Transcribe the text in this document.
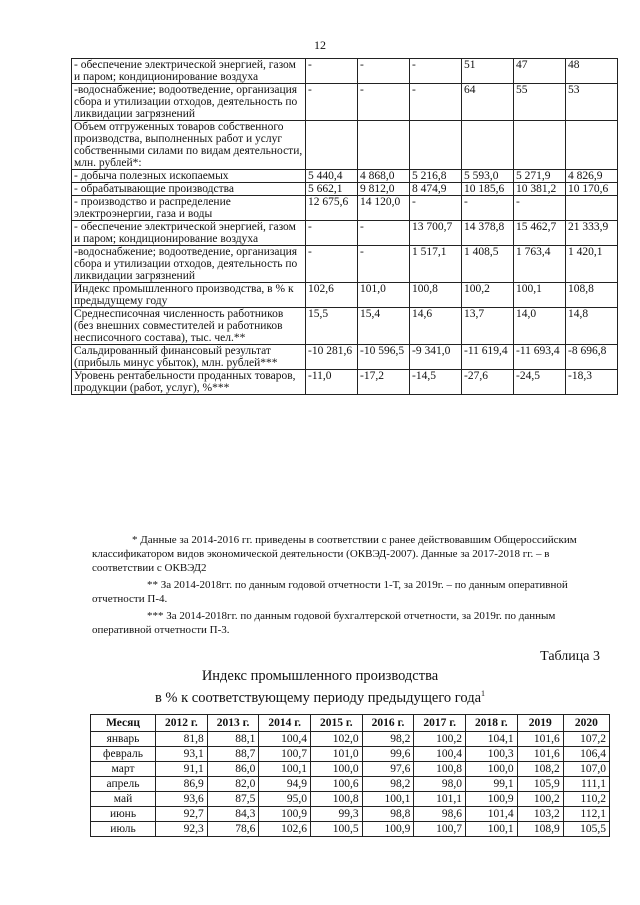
12
- обеспечение электрической энергией, газом и паром; кондиционирование воздуха	-	-	-	51	47	48
-водоснабжение; водоотведение, организация сбора и утилизации отходов, деятельность по ликвидации загрязнений	-	-	-	64	55	53
Объем отгруженных товаров собственного производства, выполненных работ и услуг собственными силами по видам деятельности, млн. рублей*:						
- добыча полезных ископаемых	5 440,4	4 868,0	5 216,8	5 593,0	5 271,9	4 826,9
- обрабатывающие производства	5 662,1	9 812,0	8 474,9	10 185,6	10 381,2	10 170,6
- производство и распределение электроэнергии, газа и воды	12 675,6	14 120,0	-	-	-	
- обеспечение электрической энергией, газом и паром; кондиционирование воздуха	-	-	13 700,7	14 378,8	15 462,7	21 333,9
-водоснабжение; водоотведение, организация сбора и утилизации отходов, деятельность по ликвидации загрязнений	-	-	1 517,1	1 408,5	1 763,4	1 420,1
Индекс промышленного производства, в % к предыдущему году	102,6	101,0	100,8	100,2	100,1	108,8
Среднесписочная численность работников (без внешних совместителей и работников несписочного состава), тыс. чел.**	15,5	15,4	14,6	13,7	14,0	14,8
Сальдированный финансовый результат (прибыль минус убыток), млн. рублей***	-10 281,6	-10 596,5	-9 341,0	-11 619,4	-11 693,4	-8 696,8
Уровень рентабельности проданных товаров, продукции (работ, услуг), %***	-11,0	-17,2	-14,5	-27,6	-24,5	-18,3

* Данные за 2014-2016 гг. приведены в соответствии с ранее действовавшим Общероссийским классификатором видов экономической деятельности (ОКВЭД-2007). Данные за 2017-2018 гг. – в соответствии с ОКВЭД2

** За 2014-2018гг. по данным годовой отчетности 1-Т, за 2019г. – по данным оперативной отчетности П-4.

*** За 2014-2018гг. по данным годовой бухгалтерской отчетности, за 2019г. по данным оперативной отчетности П-3.

Таблица 3
Индекс промышленного производства
в % к соответствующему периоду предыдущего года$^1$
Месяц	2012 г.	2013 г.	2014 г.	2015 г.	2016 г.	2017 г.	2018 г.	2019	2020
январь	81,8	88,1	100,4	102,0	98,2	100,2	104,1	101,6	107,2
февраль	93,1	88,7	100,7	101,0	99,6	100,4	100,3	101,6	106,4
март	91,1	86,0	100,1	100,0	97,6	100,8	100,0	108,2	107,0
апрель	86,9	82,0	94,9	100,6	98,2	98,0	99,1	105,9	111,1
май	93,6	87,5	95,0	100,8	100,1	101,1	100,9	100,2	110,2
июнь	92,7	84,3	100,9	99,3	98,8	98,6	101,4	103,2	112,1
июль	92,3	78,6	102,6	100,5	100,9	100,7	100,1	108,9	105,5
